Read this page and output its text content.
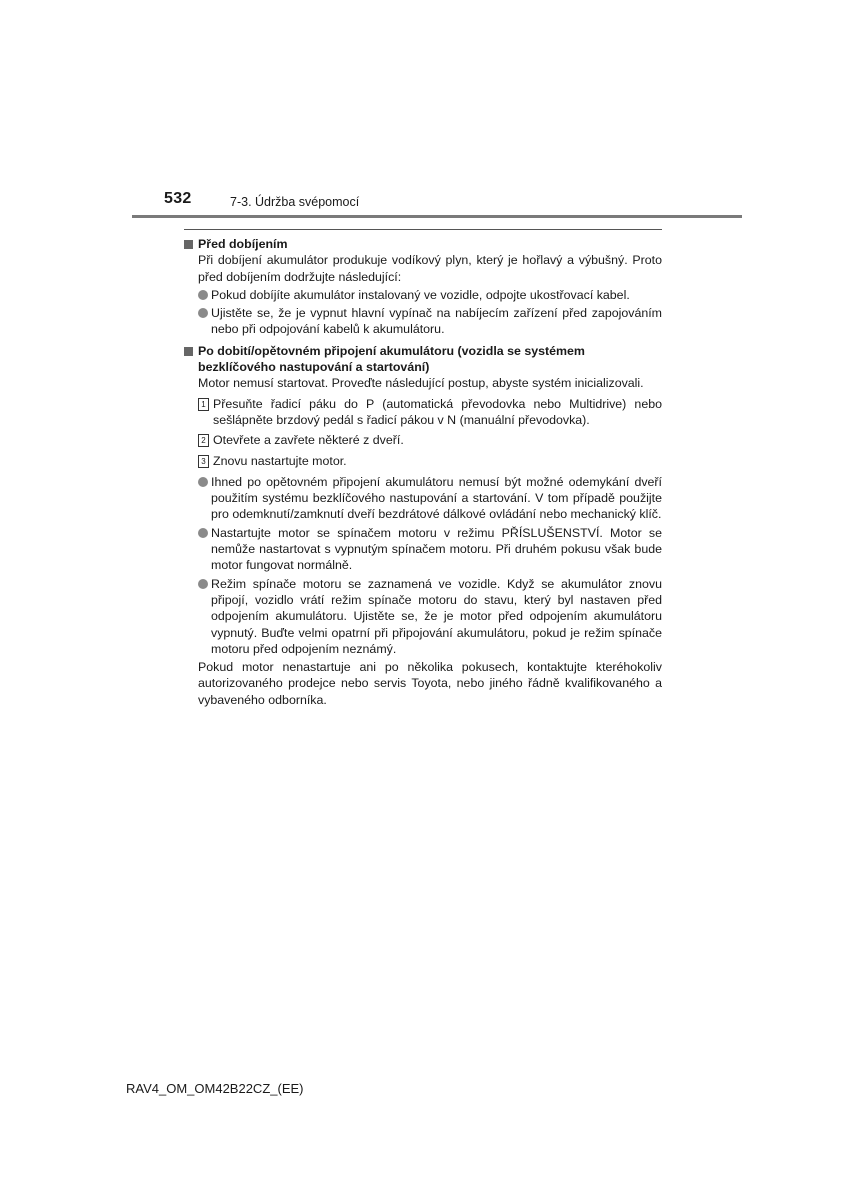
532	7-3. Údržba svépomocí
Před dobíjením
Při dobíjení akumulátor produkuje vodíkový plyn, který je hořlavý a výbušný. Proto před dobíjením dodržujte následující:
Pokud dobíjíte akumulátor instalovaný ve vozidle, odpojte ukostřovací kabel.
Ujistěte se, že je vypnut hlavní vypínač na nabíjecím zařízení před zapojováním nebo při odpojování kabelů k akumulátoru.
Po dobití/opětovném připojení akumulátoru (vozidla se systémem bezklíčového nastupování a startování)
Motor nemusí startovat. Proveďte následující postup, abyste systém inicializovali.
1 Přesuňte řadicí páku do P (automatická převodovka nebo Multidrive) nebo sešlápněte brzdový pedál s řadicí pákou v N (manuální převodovka).
2 Otevřete a zavřete některé z dveří.
3 Znovu nastartujte motor.
Ihned po opětovném připojení akumulátoru nemusí být možné odemykání dveří použitím systému bezklíčového nastupování a startování. V tom případě použijte pro odemknutí/zamknutí dveří bezdrátové dálkové ovládání nebo mechanický klíč.
Nastartujte motor se spínačem motoru v režimu PŘÍSLUŠENSTVÍ. Motor se nemůže nastartovat s vypnutým spínačem motoru. Při druhém pokusu však bude motor fungovat normálně.
Režim spínače motoru se zaznamená ve vozidle. Když se akumulátor znovu připojí, vozidlo vrátí režim spínače motoru do stavu, který byl nastaven před odpojením akumulátoru. Ujistěte se, že je motor před odpojením akumulátoru vypnutý. Buďte velmi opatrní při připojování akumulátoru, pokud je režim spínače motoru před odpojením neznámý.
Pokud motor nenastartuje ani po několika pokusech, kontaktujte kteréhokoliv autorizovaného prodejce nebo servis Toyota, nebo jiného řádně kvalifikovaného a vybaveného odborníka.
RAV4_OM_OM42B22CZ_(EE)
